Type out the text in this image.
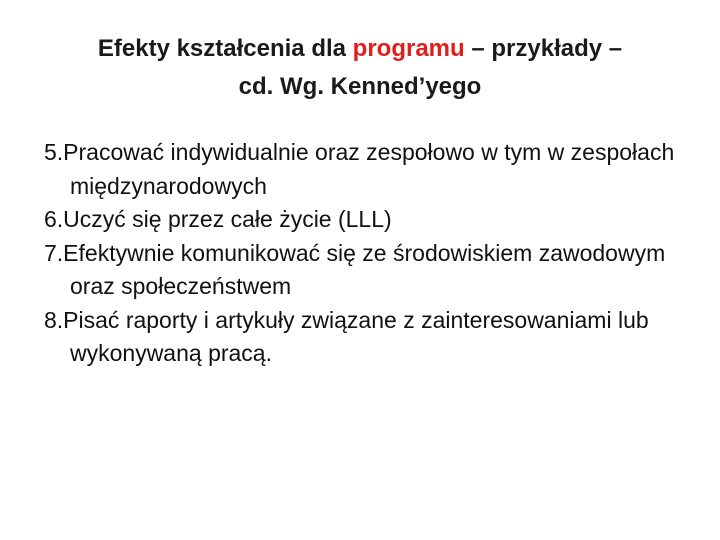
Efekty kształcenia dla programu – przykłady –
cd. Wg. Kenned’yego
5.Pracować indywidualnie oraz zespołowo w tym w zespołach międzynarodowych
6.Uczyć się przez całe życie (LLL)
7.Efektywnie komunikować się ze środowiskiem zawodowym oraz społeczeństwem
8.Pisać raporty i artykuły związane z zainteresowaniami lub wykonywaną pracą.
